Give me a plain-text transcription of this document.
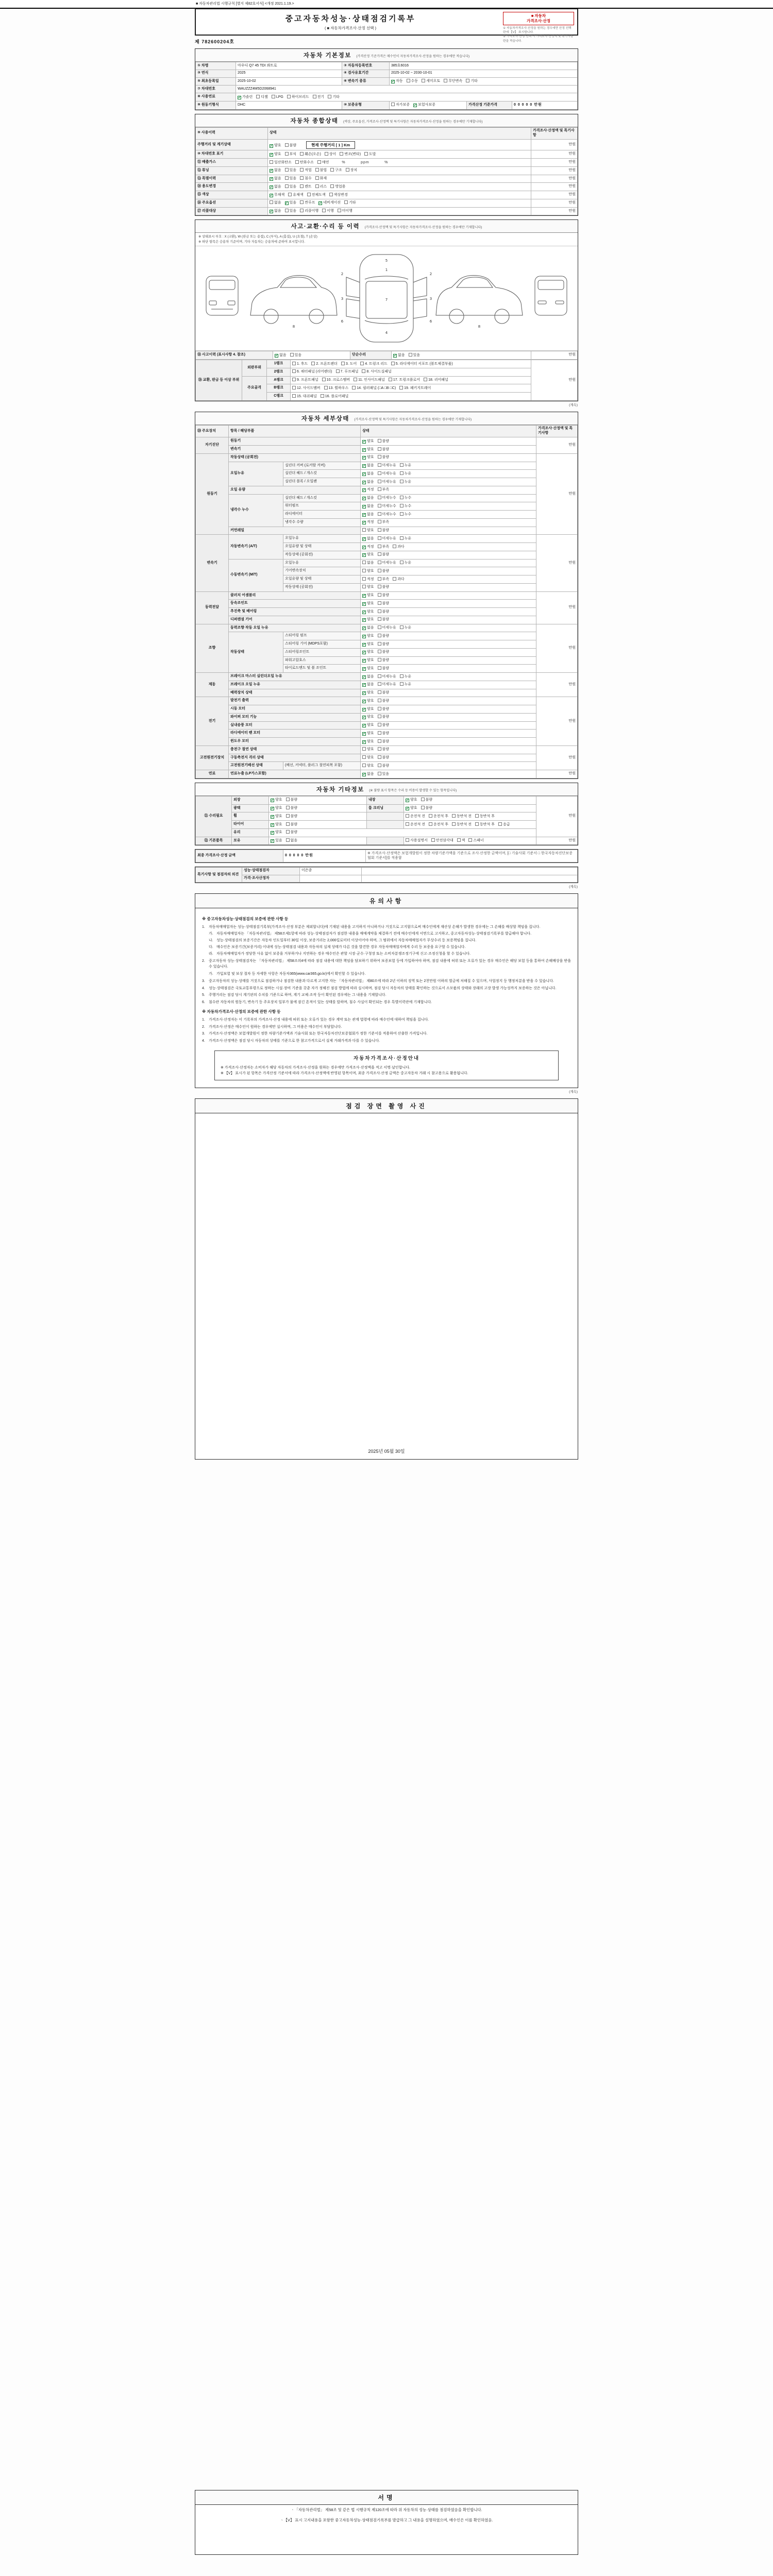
■ 자동차관리법 시행규칙 [별지 제82호서식] <개정 2021.1.19.>
중고자동차성능·상태점검기록부
( ■ 자동차가격조사·산정 선택 )
■ 자동차
가격조사·산정
① 자동차가격조사·산정을 원하는 경우에만 산정 선택란에 【V】 표시합니다.
② 가격조사·산정 선택 시 가격조사·산정액 및 특기사항란을 적습니다.
제 782600204호
자동차 기본정보 (가격산정 기준가격은 매수인이 자동차가격조사·산정을 원하는 경우에만 적습니다)
① 차명	아우디 Q7 45 TDI 콰트로	② 자동차등록번호	385호6016		
③ 연식	2025	④ 검사유효기간	2025-10-02 ~ 2030-10-01		
⑤ 최초등록일	2025-10-02	⑥ 변속기 종류	✔ 자동 수동 세미오토 무단변속 기타		
⑦ 차대번호	WAUZZZ4M5D2068941				
⑧ 사용연료	✔ 가솔린 디젤 LPG 하이브리드 전기 기타				
⑨ 원동기형식	DHC	⑩ 보증유형	자가보증 ✔ 보험사보증	가격산정 기준가격	0 0 0 0 0 만원
자동차 종합상태 (색상, 주요옵션, 가격조사·산정액 및 특기사항은 자동차가격조사·산정을 원하는 경우에만 기재합니다)
⑨ 사용이력	상태	가격조사·산정액 및 특기사항
주행거리 및 계기상태	✔ 양호 불량 현재 주행거리 [ 1 ] Km	만원
⑩ 차대번호 표기	✔ 양호 부식 훼손(오손) 상이 변조(변타) 도말	만원
⑪ 배출가스	일산화탄소 탄화수소 매연 %          ppm          %	만원
⑫ 튜닝	✔ 없음 있음 적법 불법 구조 장치	만원
⑬ 특별이력	✔ 없음 있음 침수 화재	만원
⑭ 용도변경	✔ 없음 있음 렌트 리스 영업용	만원
⑮ 색상	✔ 무채색 유채색 전체도색 색상변경	만원
⑯ 주요옵션	없음 ✔ 있음 썬루프 ✔ 네비게이션 기타	만원
⑰ 리콜대상	✔ 없음 있음 리콜이행 이행 미이행	만원
사고·교환·수리 등 이력 (가격조사·산정액 및 특기사항은 자동차가격조사·산정을 원하는 경우에만 기재합니다)
※ 상태표시 부호 : X (교환), W (판금 또는 용접), C (부식), A (흠집), U (요철), T (손상)
※ 하단 항목은 승용차 기준이며, 기타 자동차는 승용차에 준하여 표시합니다.
5
1
2	2
3	3
6	6
7
4
8	8
⑱ 사고이력 (표시사항 4. 참조)	✔ 없음 있음	단순수리	✔ 없음 있음	만원
⑲ 교환, 판금 등 이상 부위	외판부위	1랭크	1. 후드 2. 프론트펜더 3. 도어 4. 트렁크 리드 5. 라디에이터 서포트 (볼트체결부품)	만원
		2랭크	6. 쿼터패널 (리어펜더) 7. 루프패널 8. 사이드실패널	
	주요골격	A랭크	9. 프론트패널 10. 크로스멤버 11. 인사이드패널 17. 트렁크플로어 18. 리어패널	
		B랭크	12. 사이드멤버 13. 휠하우스 14. 필러패널 (□A □B □C) 19. 패키지트레이	
		C랭크	15. 대쉬패널 16. 플로어패널	
(계속)
자동차 세부상태 (가격조사·산정액 및 특기사항은 자동차가격조사·산정을 원하는 경우에만 기재합니다)
⑳ 주요장치	항목 / 해당부품		상태	가격조사·산정액 및 특기사항
자기진단	원동기		✔ 양호 불량	만원
	변속기		✔ 양호 불량	
원동기	작동상태 (공회전)		✔ 양호 불량	만원
	오일누유	실린더 커버 (로커암 커버)	✔ 없음 미세누유 누유	
		실린더 헤드 / 개스킷	✔ 없음 미세누유 누유	
		실린더 블록 / 오일팬	✔ 없음 미세누유 누유	
	오일 유량		✔ 적정 부족	
	냉각수 누수	실린더 헤드 / 개스킷	✔ 없음 미세누수 누수	
		워터펌프	✔ 없음 미세누수 누수	
		라디에이터	✔ 없음 미세누수 누수	
		냉각수 수량	✔ 적정 부족	
	커먼레일		양호 불량	
변속기	자동변속기 (A/T)	오일누유	✔ 없음 미세누유 누유	만원
		오일유량 및 상태	✔ 적정 부족 과다	
		작동상태 (공회전)	✔ 양호 불량	
	수동변속기 (M/T)	오일누유	없음 미세누유 누유	
		기어변속장치	양호 불량	
		오일유량 및 상태	적정 부족 과다	
		작동상태 (공회전)	양호 불량	
동력전달	클러치 어셈블리		✔ 양호 불량	만원
	등속조인트		✔ 양호 불량	
	추진축 및 베어링		✔ 양호 불량	
	디퍼렌셜 기어		✔ 양호 불량	
조향	동력조향 작동 오일 누유		✔ 없음 미세누유 누유	만원
	작동상태	스티어링 펌프	✔ 양호 불량	
		스티어링 기어 (MDPS포함)	✔ 양호 불량	
		스티어링조인트	✔ 양호 불량	
		파워고압호스	✔ 양호 불량	
		타이로드엔드 및 볼 조인트	✔ 양호 불량	
제동	브레이크 마스터 실린더오일 누유		✔ 없음 미세누유 누유	만원
	브레이크 오일 누유		✔ 없음 미세누유 누유	
	배력장치 상태		✔ 양호 불량	
전기	발전기 출력		✔ 양호 불량	만원
	시동 모터		✔ 양호 불량	
	와이퍼 모터 기능		✔ 양호 불량	
	실내송풍 모터		✔ 양호 불량	
	라디에이터 팬 모터		✔ 양호 불량	
	윈도우 모터		✔ 양호 불량	
고전원전기장치	충전구 절연 상태		양호 불량	만원
	구동축전지 격리 상태		양호 불량	
	고전원전기배선 상태	(배선, 커넥터, 플러그 절연피복 포함)	양호 불량	
연료	연료누출 (LP가스포함)		✔ 없음 있음	만원
자동차 기타정보 (※ 불량 표시 항목은 수리 등 비용이 발생할 수 있는 항목입니다)
㉑ 수리필요	외장	✔ 양호 불량	내장	✔ 양호 불량	만원
	광택	✔ 양호 불량	룸 크리닝	✔ 양호 불량	
	휠	✔ 양호 불량		운전석 전 운전석 후 동반석 전 동반석 후	
	타이어	✔ 양호 불량		운전석 전 운전석 후 동반석 전 동반석 후 응급	
	유리	✔ 양호 불량			
㉒ 기본품목	보유	✔ 있음 없음		사용설명서 안전삼각대 잭 스패너	만원
최종 가격조사·산정 금액	0 0 0 0 0 만원	※ 가격조사·산정액은 보험개발원이 정한 차량기준가액을 기준으로 조사·산정한 금액이며, [□ 기술사회 기준서 □ 한국자동차진단보증협회 기준서]를 적용함
특기사항 및 점검자의 의견	성능·상태점검자	이은종	
	가격·조사산정자		
(계속)
유의사항
※ 중고자동차성능·상태점검의 보증에 관한 사항 등
1.	자동차매매업자는 성능·상태점검기록부(가격조사·산정 부분은 제외합니다)에 기재된 내용을 고지하지 아니하거나 거짓으로 고지함으로써 매수인에게 재산상 손해가 발생한 경우에는 그 손해를 배상할 책임을 집니다.
가. 자동차매매업자는 「자동차관리법」 제58조제1항에 따라 성능·상태점검자가 점검한 내용을 매매계약을 체결하기 전에 매수인에게 서면으로 고지하고, 중고자동차성능·상태점검기록부를 발급해야 합니다.
나. 성능·상태점검의 보증기간은 자동차 인도일부터 30일 이상, 보증거리는 2,000킬로미터 이상이어야 하며, 그 범위에서 자동차매매업자가 무상수리 등 보증책임을 집니다.
다. 매수인은 보증기간(보증거리) 이내에 성능·상태점검 내용과 자동차의 실제 상태가 다른 것을 발견한 경우 자동차매매업자에게 수리 등 보증을 요구할 수 있습니다.
라. 자동차매매업자가 정당한 사유 없이 보증을 거부하거나 지연하는 경우 매수인은 관할 시장·군수·구청장 또는 소비자분쟁조정기구에 신고·조정신청을 할 수 있습니다.
2.	중고자동차 성능·상태점검자는 「자동차관리법」 제58조의4에 따라 점검 내용에 대한 책임을 담보하기 위하여 보증보험 등에 가입하여야 하며, 점검 내용에 허위 또는 오류가 있는 경우 매수인은 해당 보험 등을 통하여 손해배상을 받을 수 있습니다.
가. 가입보험 및 보상 절차 등 자세한 사항은 자동차365(www.car365.go.kr)에서 확인할 수 있습니다.
3.	중고자동차의 성능·상태를 거짓으로 점검하거나 점검한 내용과 다르게 고지한 자는 「자동차관리법」 제80조에 따라 2년 이하의 징역 또는 2천만원 이하의 벌금에 처해질 수 있으며, 사업정지 등 행정처분을 받을 수 있습니다.
4.	성능·상태점검은 국토교통부령으로 정하는 시설·장비 기준을 갖춘 자가 정해진 점검 방법에 따라 실시하며, 점검 당시 자동차의 상태를 확인하는 것으로서 소모품의 상태와 장래의 고장 발생 가능성까지 보증하는 것은 아닙니다.
5.	주행거리는 점검 당시 계기판의 수치를 기준으로 하며, 계기 교체·조작 등이 확인된 경우에는 그 내용을 기재합니다.
6.	침수란 자동차의 원동기, 변속기 등 주요장치 일부가 물에 잠긴 흔적이 있는 상태를 말하며, 침수 사실이 확인되는 경우 특별이력란에 기재합니다.
※ 자동차가격조사·산정의 보증에 관한 사항 등
1.	가격조사·산정자는 이 기록부의 가격조사·산정 내용에 허위 또는 오류가 있는 경우 계약 또는 관계 법령에 따라 매수인에 대하여 책임을 집니다.
2.	가격조사·산정은 매수인이 원하는 경우에만 실시하며, 그 비용은 매수인이 부담합니다.
3.	가격조사·산정액은 보험개발원이 정한 차량기준가액과 기술사회 또는 한국자동차진단보증협회가 정한 기준서를 적용하여 산출한 가격입니다.
4.	가격조사·산정액은 점검 당시 자동차의 상태를 기준으로 한 참고가격으로서 실제 거래가격과 다를 수 있습니다.
자동차가격조사·산정안내
※ 가격조사·산정자는 소비자가 해당 자동차의 가격조사·산정을 원하는 경우에만 가격조사·산정액을 적고 서명·날인합니다.
※ 【V】 표시가 된 항목은 가격산정 기준서에 따라 가격조사·산정액에 반영된 항목이며, 최종 가격조사·산정 금액은 중고자동차 거래 시 참고용으로 활용됩니다.
(계속)
점검 장면 촬영 사진
2025년 05월 30일
서명
ㆍ「자동차관리법」 제58조 및 같은 법 시행규칙 제120조에 따라 위 자동차의 성능·상태를 점검하였음을 확인합니다.
ㆍ【V】 표시 고지내용을 포함한 중고자동차성능·상태점검기록부를 발급하고 그 내용을 설명하였으며, 매수인은 이를 확인하였음.
